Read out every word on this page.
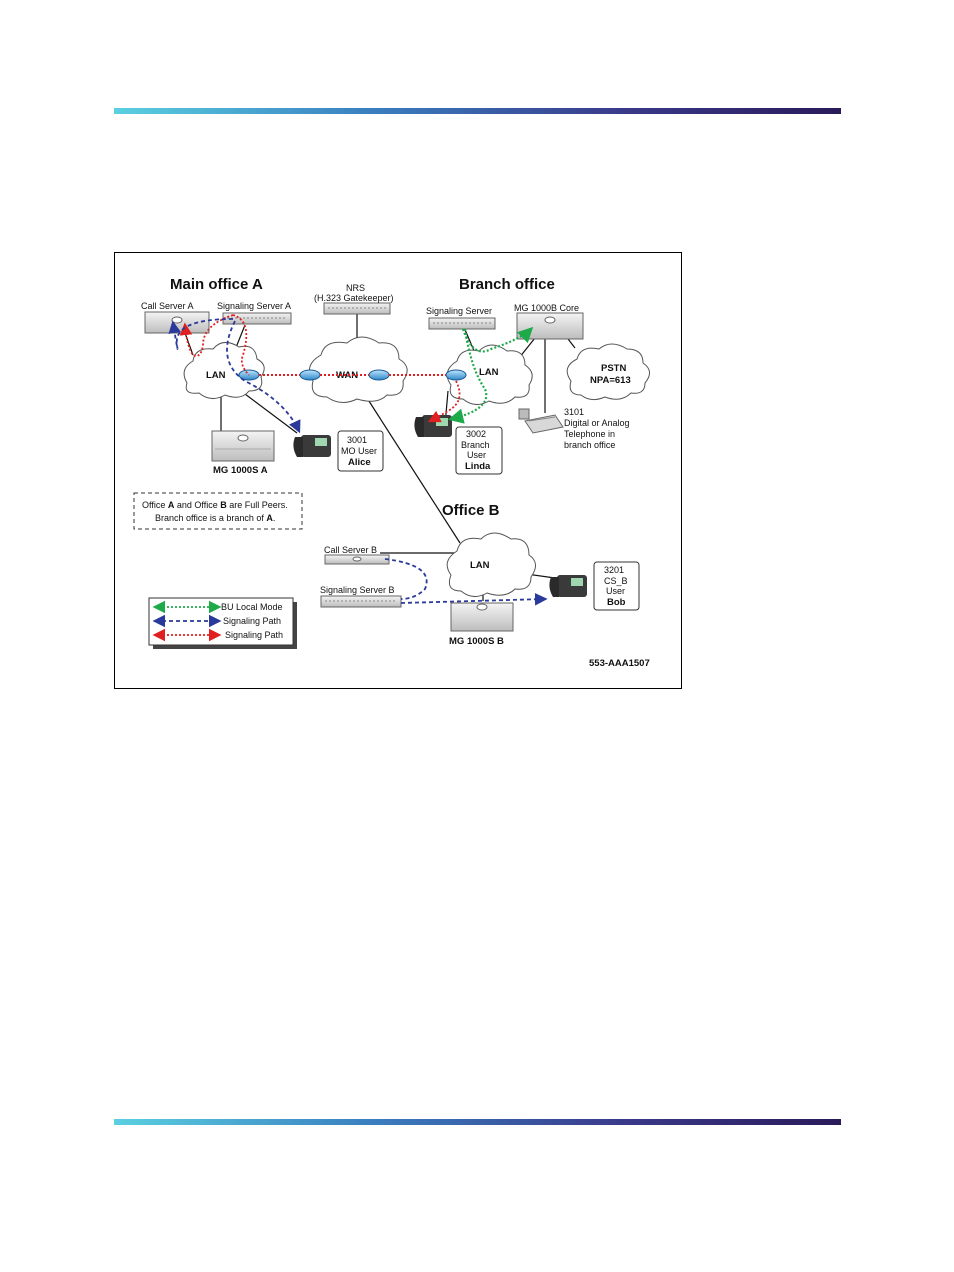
Main office A	Branch office
Office B
LAN	WAN	LAN	PSTN
NPA=613
LAN
Call Server A	Signaling Server A
MG 1000S A
NRS
(H.323 Gatekeeper)
Signaling Server MG 1000B Core
Call Server B
Signaling Server B
MG 1000S B
3001
MO User
Alice
3002
Branch
User
Linda
3101
Digital or Analog
Telephone in
branch office
3201
CS_B
User
Bob
Office A and Office B are Full Peers.
Branch office is a branch of A.
BU Local Mode
Signaling Path
Signaling Path
553-AAA1507
